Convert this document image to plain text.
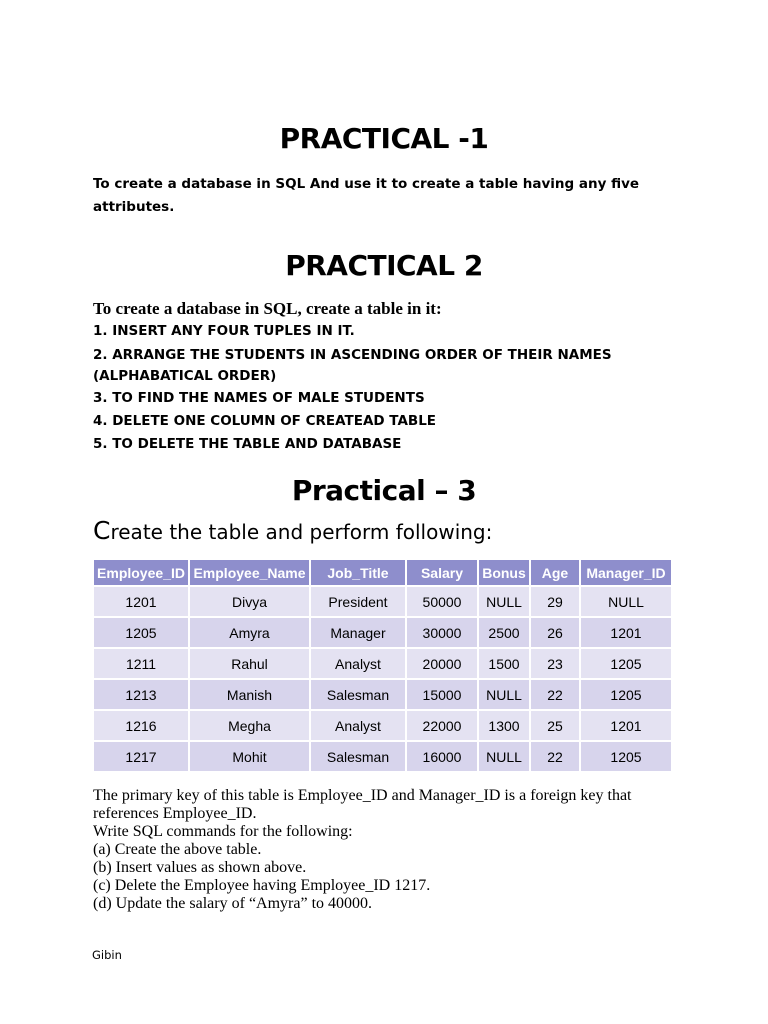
PRACTICAL -1
To create a database in SQL And use it to create a table having any five attributes.
PRACTICAL 2
To create a database in SQL, create a table in it:
1. INSERT ANY FOUR TUPLES IN IT.
2. ARRANGE THE STUDENTS IN ASCENDING ORDER OF THEIR NAMES (ALPHABATICAL ORDER)
3. TO FIND THE NAMES OF MALE STUDENTS
4. DELETE ONE COLUMN OF CREATEAD TABLE
5. TO DELETE THE TABLE AND DATABASE
Practical – 3
Create the table and perform following:
Employee_ID	Employee_Name	Job_Title	Salary	Bonus	Age	Manager_ID
1201	Divya	President	50000	NULL	29	NULL
1205	Amyra	Manager	30000	2500	26	1201
1211	Rahul	Analyst	20000	1500	23	1205
1213	Manish	Salesman	15000	NULL	22	1205
1216	Megha	Analyst	22000	1300	25	1201
1217	Mohit	Salesman	16000	NULL	22	1205
The primary key of this table is Employee_ID and Manager_ID is a foreign key that references Employee_ID.
Write SQL commands for the following:
(a) Create the above table.
(b) Insert values as shown above.
(c) Delete the Employee having Employee_ID 1217.
(d) Update the salary of “Amyra” to 40000.
Gibin
